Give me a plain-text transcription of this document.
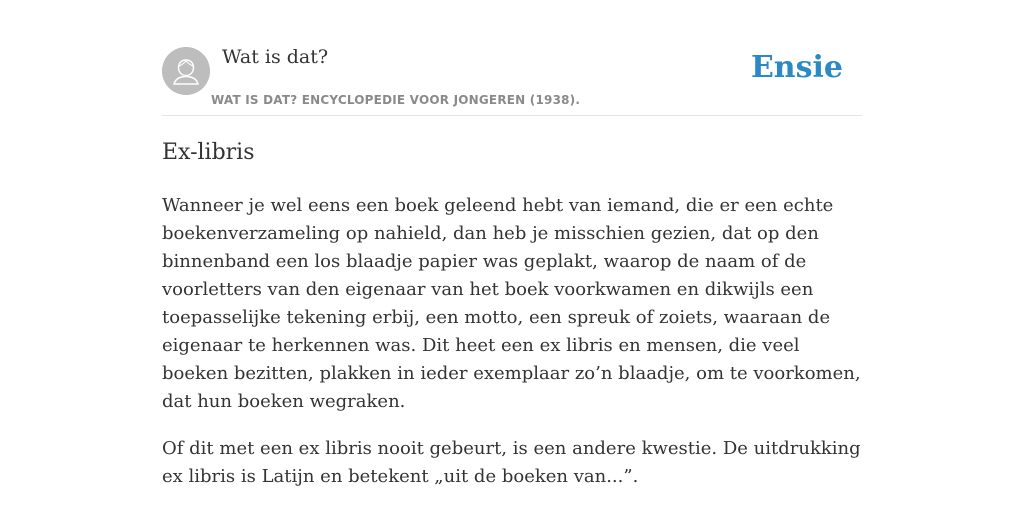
Wat is dat?
WAT IS DAT? ENCYCLOPEDIE VOOR JONGEREN (1938).
Ensie
Ex-libris

Wanneer je wel eens een boek geleend hebt van iemand, die er een echte boekenverzameling op nahield, dan heb je misschien gezien, dat op den binnenband een los blaadje papier was geplakt, waarop de naam of de voorletters van den eigenaar van het boek voorkwamen en dikwijls een toepasselijke tekening erbij, een motto, een spreuk of zoiets, waaraan de eigenaar te herkennen was. Dit heet een ex libris en mensen, die veel boeken bezitten, plakken in ieder exemplaar zo’n blaadje, om te voorkomen, dat hun boeken wegraken.

Of dit met een ex libris nooit gebeurt, is een andere kwestie. De uitdrukking ex libris is Latijn en betekent „uit de boeken van...”.
